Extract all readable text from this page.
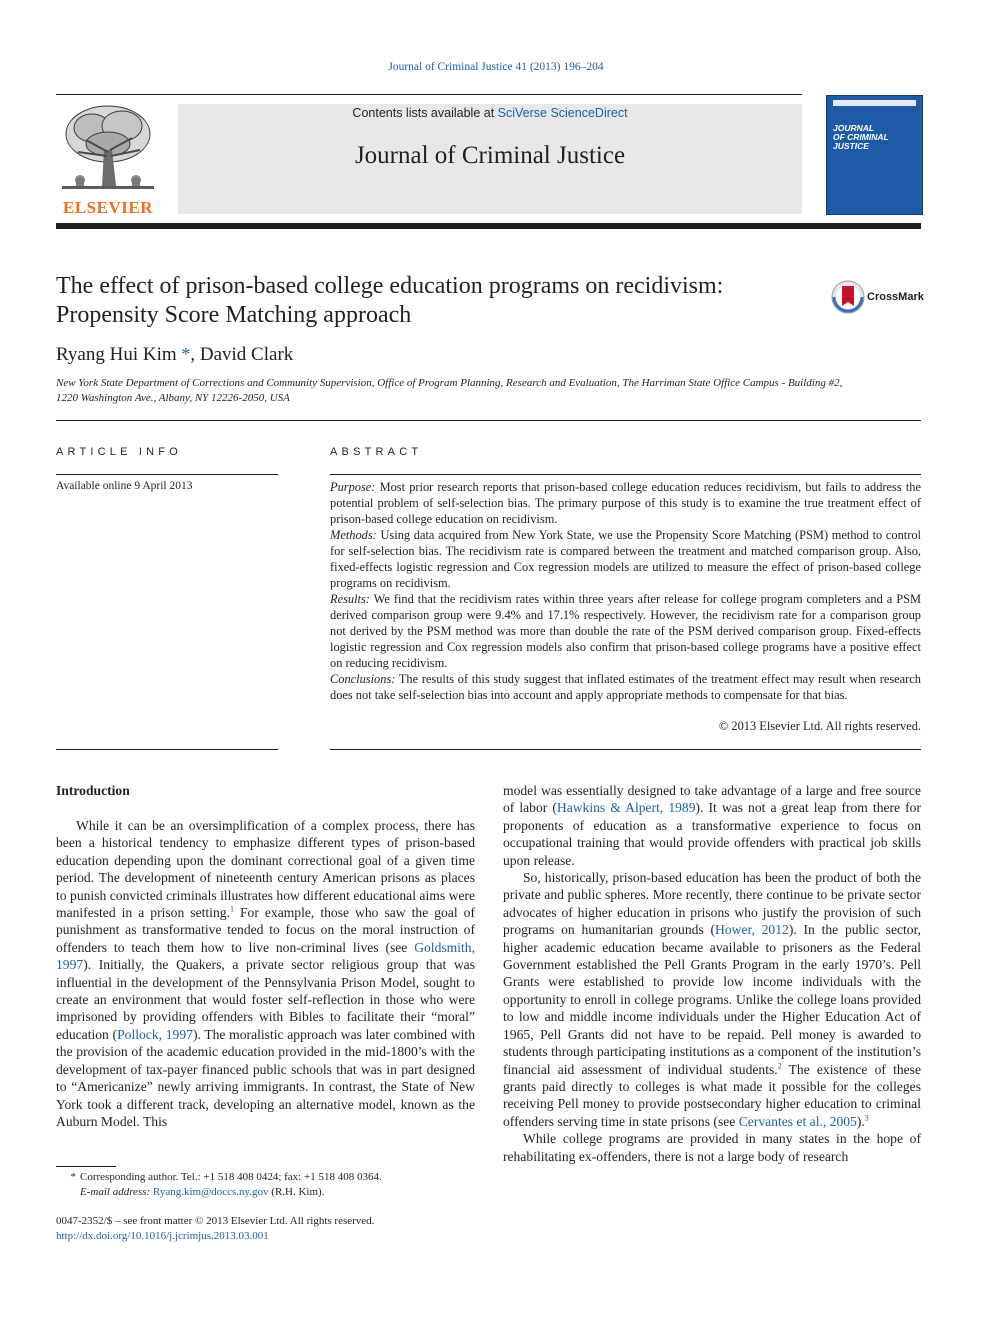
Journal of Criminal Justice 41 (2013) 196–204
ELSEVIER
Contents lists available at SciVerse ScienceDirect
Journal of Criminal Justice
JOURNAL
OF CRIMINAL
JUSTICE
The effect of prison-based college education programs on recidivism:
Propensity Score Matching approach
CrossMark
Ryang Hui Kim *, David Clark
New York State Department of Corrections and Community Supervision, Office of Program Planning, Research and Evaluation, The Harriman State Office Campus - Building #2,
1220 Washington Ave., Albany, NY 12226-2050, USA
ARTICLE INFO
Available online 9 April 2013
ABSTRACT

Purpose: Most prior research reports that prison-based college education reduces recidivism, but fails to address the potential problem of self-selection bias. The primary purpose of this study is to examine the true treatment effect of prison-based college education on recidivism.

Methods: Using data acquired from New York State, we use the Propensity Score Matching (PSM) method to control for self-selection bias. The recidivism rate is compared between the treatment and matched comparison group. Also, fixed-effects logistic regression and Cox regression models are utilized to measure the effect of prison-based college programs on recidivism.

Results: We find that the recidivism rates within three years after release for college program completers and a PSM derived comparison group were 9.4% and 17.1% respectively. However, the recidivism rate for a comparison group not derived by the PSM method was more than double the rate of the PSM derived comparison group. Fixed-effects logistic regression and Cox regression models also confirm that prison-based college programs have a positive effect on reducing recidivism.

Conclusions: The results of this study suggest that inflated estimates of the treatment effect may result when research does not take self-selection bias into account and apply appropriate methods to compensate for that bias.

© 2013 Elsevier Ltd. All rights reserved.
Introduction

While it can be an oversimplification of a complex process, there has been a historical tendency to emphasize different types of prison-based education depending upon the dominant correctional goal of a given time period. The development of nineteenth century American prisons as places to punish convicted criminals illustrates how different educational aims were manifested in a prison setting.$^1$ For example, those who saw the goal of punishment as transformative tended to focus on the moral instruction of offenders to teach them how to live non-criminal lives (see Goldsmith, 1997). Initially, the Quakers, a private sector religious group that was influential in the development of the Pennsylvania Prison Model, sought to create an environment that would foster self-reflection in those who were imprisoned by providing offenders with Bibles to facilitate their “moral” education (Pollock, 1997). The moralistic approach was later combined with the provision of the academic education provided in the mid-1800’s with the development of tax-payer financed public schools that was in part designed to “Americanize” newly arriving immigrants. In contrast, the State of New York took a different track, developing an alternative model, known as the Auburn Model. This

model was essentially designed to take advantage of a large and free source of labor (Hawkins & Alpert, 1989). It was not a great leap from there for proponents of education as a transformative experience to focus on occupational training that would provide offenders with practical job skills upon release.

So, historically, prison-based education has been the product of both the private and public spheres. More recently, there continue to be private sector advocates of higher education in prisons who justify the provision of such programs on humanitarian grounds (Hower, 2012). In the public sector, higher academic education became available to prisoners as the Federal Government established the Pell Grants Program in the early 1970’s. Pell Grants were established to provide low income individuals with the opportunity to enroll in college programs. Unlike the college loans provided to low and middle income individuals under the Higher Education Act of 1965, Pell Grants did not have to be repaid. Pell money is awarded to students through participating institutions as a component of the institution’s financial aid assessment of individual students.$^2$ The existence of these grants paid directly to colleges is what made it possible for the colleges receiving Pell money to provide postsecondary higher education to criminal offenders serving time in state prisons (see Cervantes et al., 2005).$^3$

While college programs are provided in many states in the hope of rehabilitating ex-offenders, there is not a large body of research

* Corresponding author. Tel.: +1 518 408 0424; fax: +1 518 408 0364.
E-mail address: Ryang.kim@doccs.ny.gov (R.H. Kim).
0047-2352/$ – see front matter © 2013 Elsevier Ltd. All rights reserved.
http://dx.doi.org/10.1016/j.jcrimjus.2013.03.001
